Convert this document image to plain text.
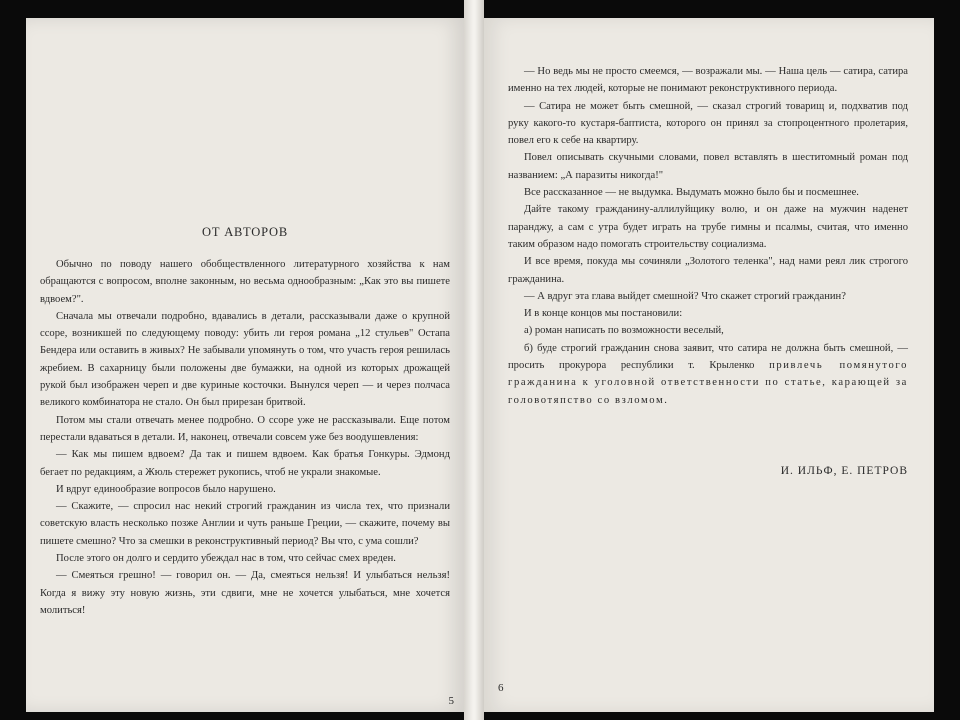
ОТ АВТОРОВ

Обычно по поводу нашего обобществленного литературного хозяйства к нам обращаются с вопросом, вполне законным, но весьма однообразным: „Как это вы пишете вдвоем?".

Сначала мы отвечали подробно, вдавались в детали, рассказывали даже о крупной ссоре, возникшей по следующему поводу: убить ли героя романа „12 стульев" Остапа Бендера или оставить в живых? Не забывали упомянуть о том, что участь героя решилась жребием. В сахарницу были положены две бумажки, на одной из которых дрожащей рукой был изображен череп и две куриные косточки. Вынулся череп — и через полчаса великого комбинатора не стало. Он был прирезан бритвой.

Потом мы стали отвечать менее подробно. О ссоре уже не рассказывали. Еще потом перестали вдаваться в детали. И, наконец, отвечали совсем уже без воодушевления:

— Как мы пишем вдвоем? Да так и пишем вдвоем. Как братья Гонкуры. Эдмонд бегает по редакциям, а Жюль стережет рукопись, чтоб не украли знакомые.

И вдруг единообразие вопросов было нарушено.

— Скажите, — спросил нас некий строгий гражданин из числа тех, что признали советскую власть несколько позже Англии и чуть раньше Греции, — скажите, почему вы пишете смешно? Что за смешки в реконструктивный период? Вы что, с ума сошли?

После этого он долго и сердито убеждал нас в том, что сейчас смех вреден.

— Смеяться грешно! — говорил он. — Да, смеяться нельзя! И улыбаться нельзя! Когда я вижу эту новую жизнь, эти сдвиги, мне не хочется улыбаться, мне хочется молиться!

5

— Но ведь мы не просто смеемся, — возражали мы. — Наша цель — сатира, сатира именно на тех людей, которые не понимают реконструктивного периода.

— Сатира не может быть смешной, — сказал строгий товарищ и, подхватив под руку какого-то кустаря-баптиста, которого он принял за стопроцентного пролетария, повел его к себе на квартиру.

Повел описывать скучными словами, повел вставлять в шеститомный роман под названием: „А паразиты никогда!"

Все рассказанное — не выдумка. Выдумать можно было бы и посмешнее.

Дайте такому гражданину-аллилуйщику волю, и он даже на мужчин наденет паранджу, а сам с утра будет играть на трубе гимны и псалмы, считая, что именно таким образом надо помогать строительству социализма.

И все время, покуда мы сочиняли „Золотого теленка", над нами реял лик строгого гражданина.

— А вдруг эта глава выйдет смешной? Что скажет строгий гражданин?

И в конце концов мы постановили:

а) роман написать по возможности веселый,

б) буде строгий гражданин снова заявит, что сатира не должна быть смешной, — просить прокурора республики т. Крыленко привлечь помянутого гражданина к уголовной ответственности по статье, карающей за головотяпство со взломом.

И. ИЛЬФ, Е. ПЕТРОВ
6
